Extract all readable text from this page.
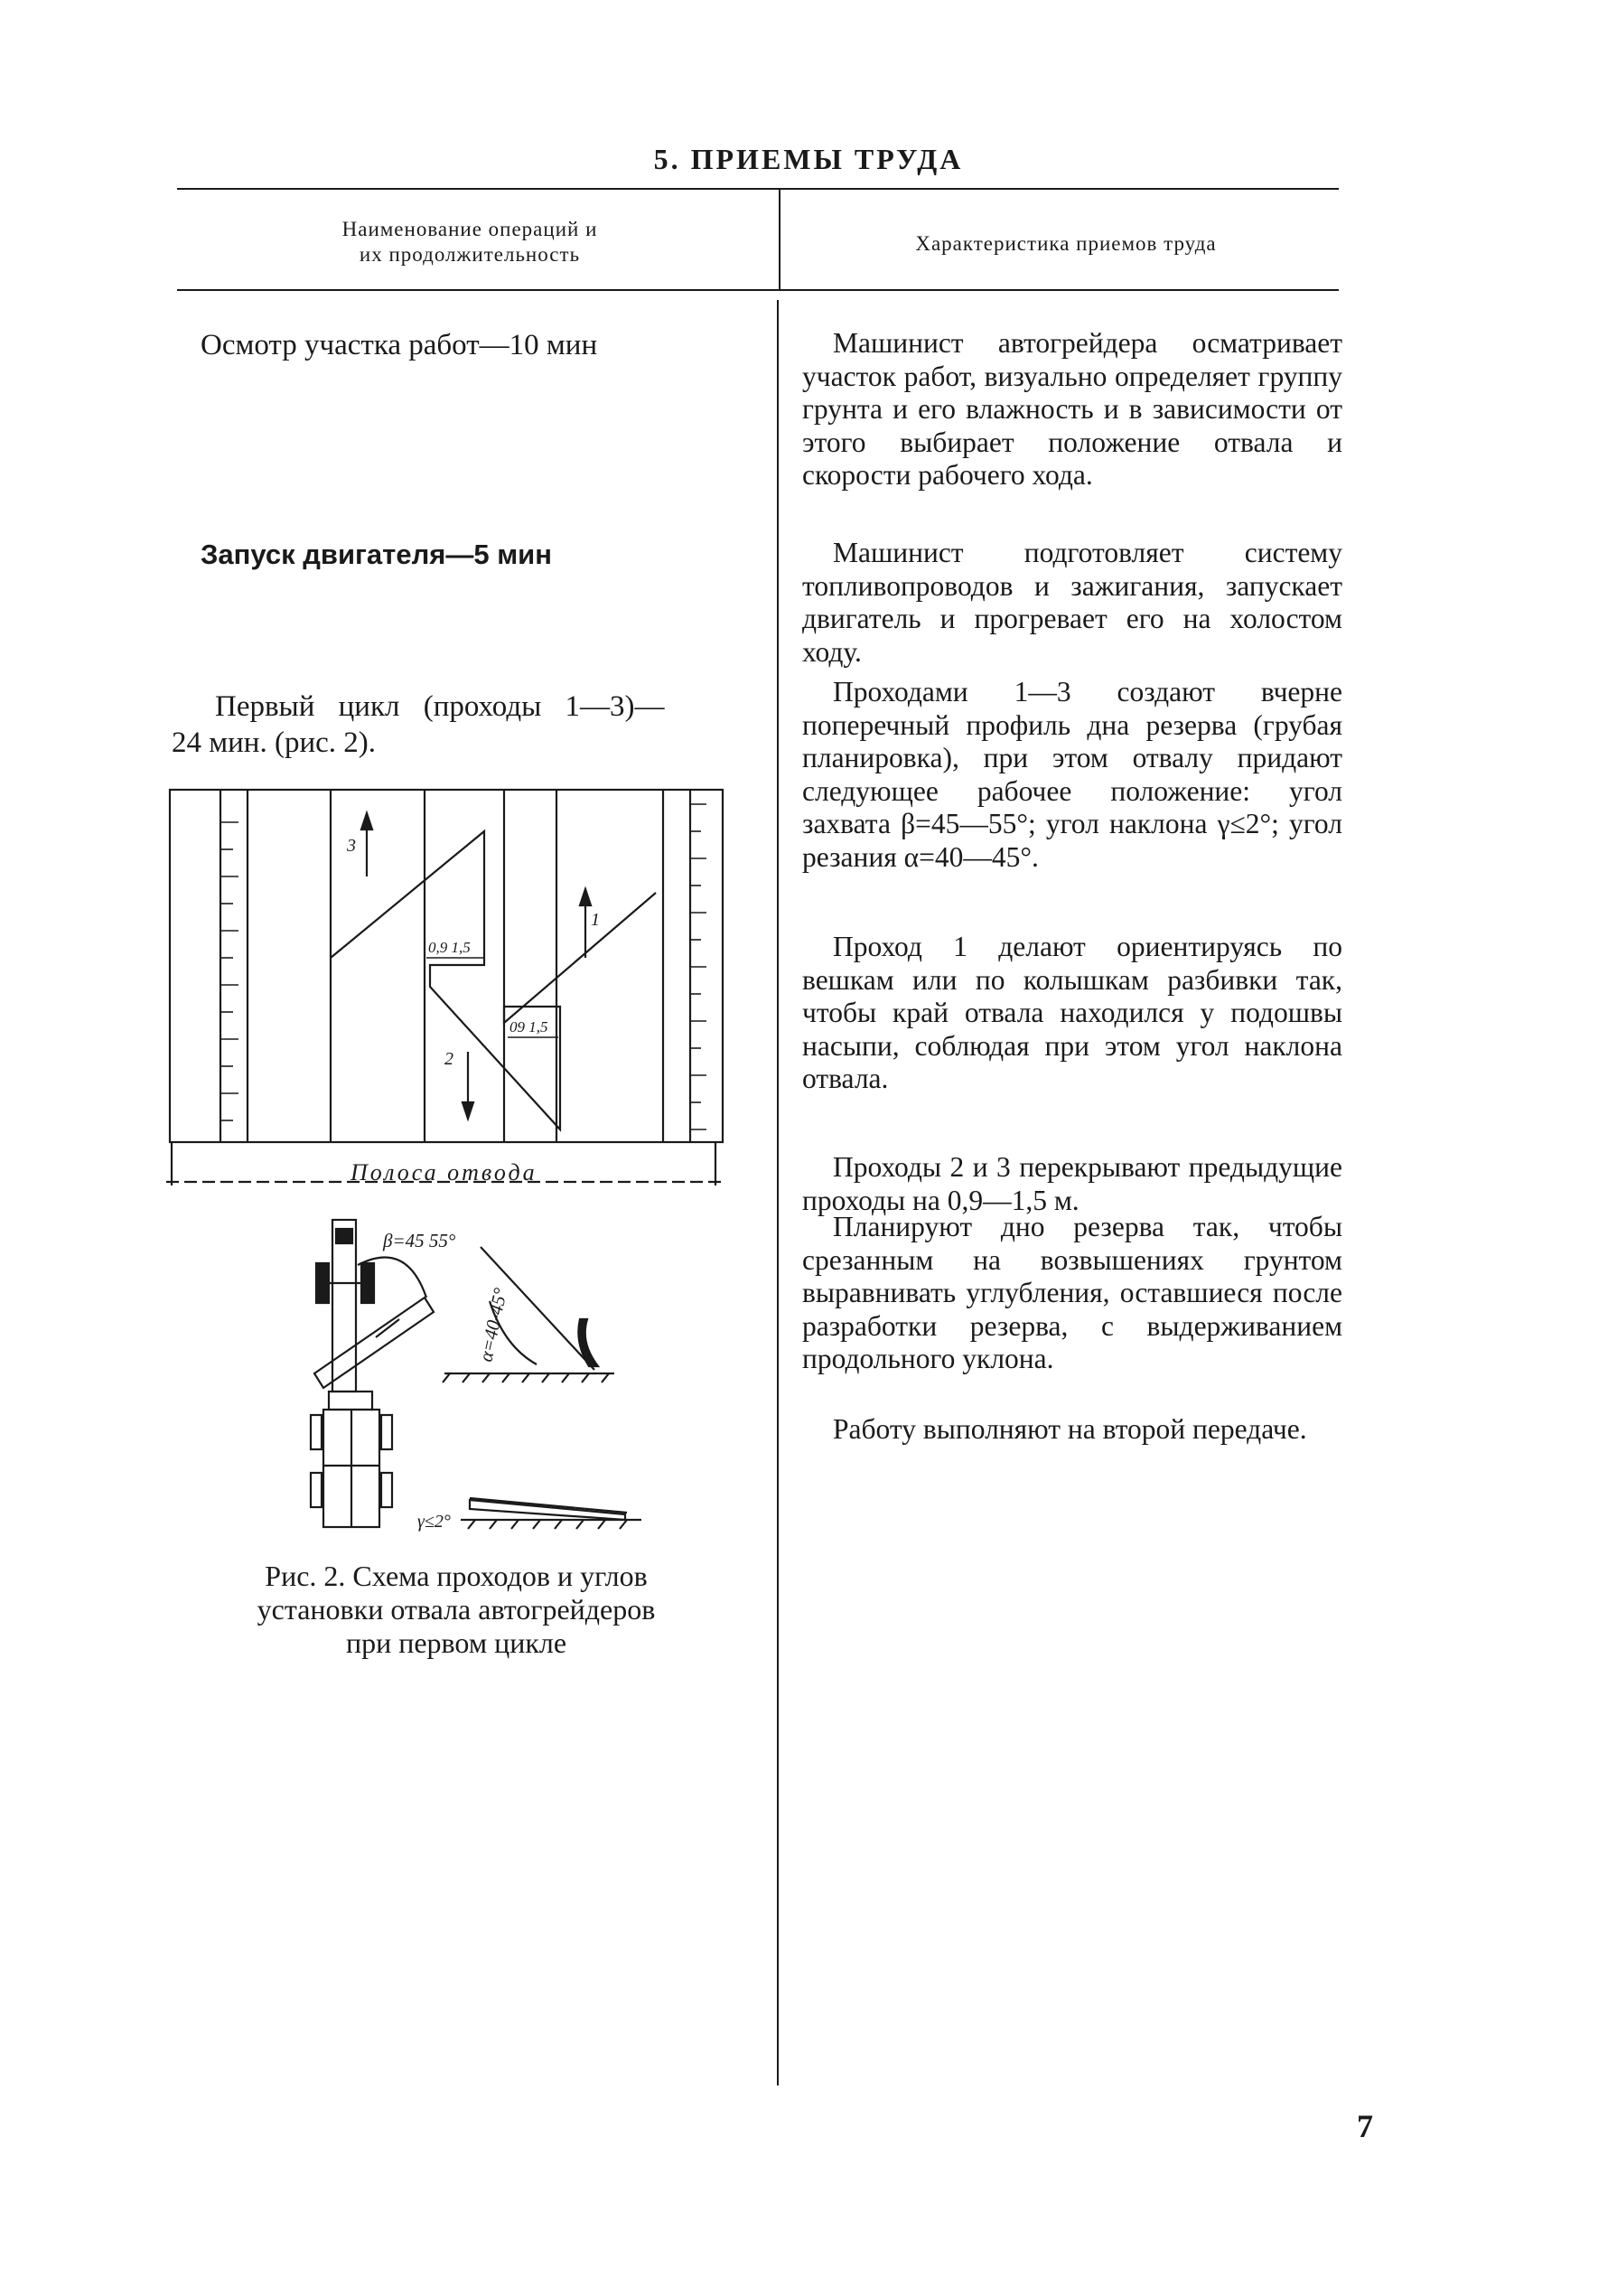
5. ПРИЕМЫ ТРУДА
Наименование операций и
их продолжительность	Характеристика приемов труда
Осмотр участка работ—10 мин
Запуск двигателя—5 мин
Первый цикл (проходы 1—3)—
24 мин. (рис. 2).
Машинист автогрейдера осматривает участок работ, визуально определяет группу грунта и его влажность и в зависимости от этого выбирает положение отвала и скорости рабочего хода.
Машинист подготовляет систему топливопроводов и зажигания, запускает двигатель и прогревает его на холостом ходу.
Проходами 1—3 создают вчерне поперечный профиль дна резерва (грубая планировка), при этом отвалу придают следующее рабочее положение: угол захвата β=45—55°; угол наклона γ≤2°; угол резания α=40—45°.
Проход 1 делают ориентируясь по вешкам или по колышкам разбивки так, чтобы край отвала находился у подошвы насыпи, соблюдая при этом угол наклона отвала.
Проходы 2 и 3 перекрывают предыдущие проходы на 0,9—1,5 м.
Планируют дно резерва так, чтобы срезанным на возвышениях грунтом выравнивать углубления, оставшиеся после разработки резерва, с выдерживанием продольного уклона.
Работу выполняют на второй передаче.
3
1
2
0,9 1,5
09 1,5
Полоса отвода
β=45 55°
α=40-45°
γ≤2°
Рис. 2. Схема проходов и углов
установки отвала автогрейдеров
при первом цикле
7
